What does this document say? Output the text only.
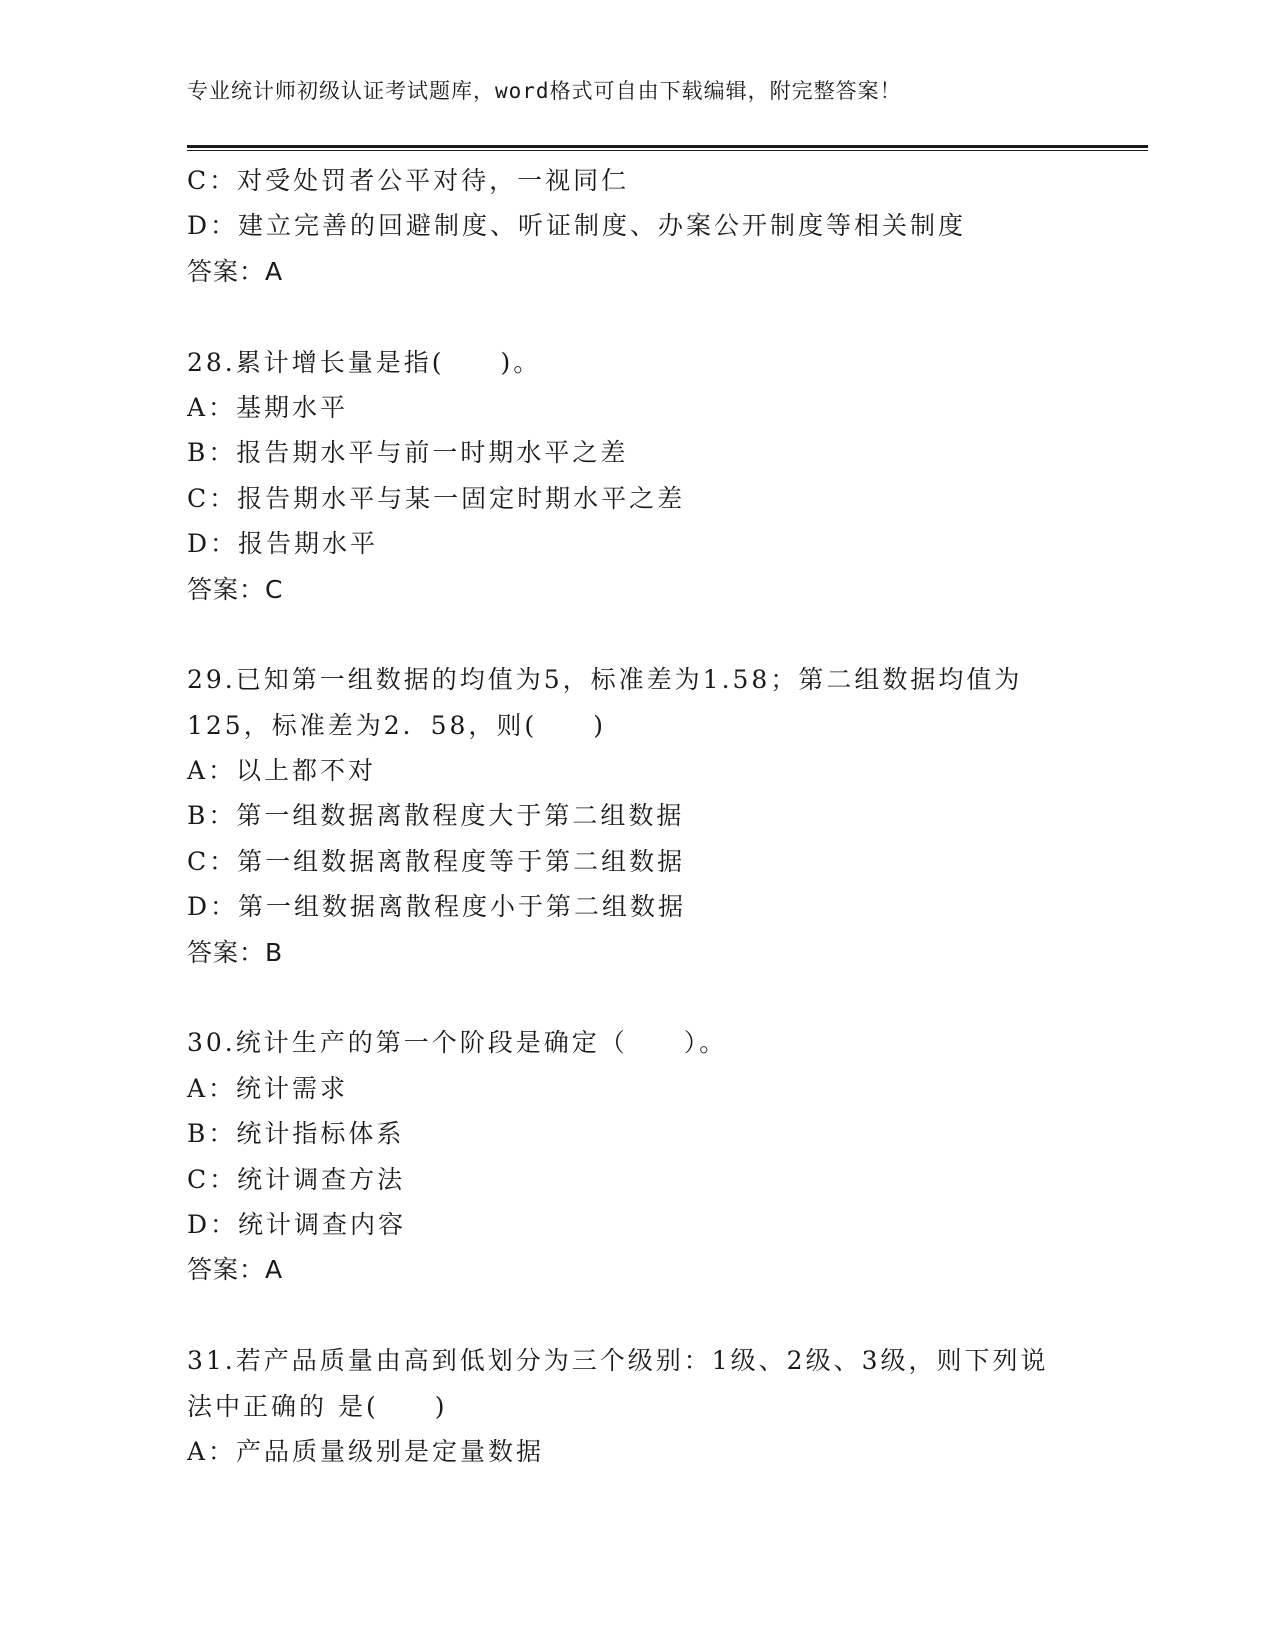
专业统计师初级认证考试题库，word格式可自由下载编辑，附完整答案！
C：对受处罚者公平对待，一视同仁
D：建立完善的回避制度、听证制度、办案公开制度等相关制度
答案：A
28.累计增长量是指(　　)。
A：基期水平
B：报告期水平与前一时期水平之差
C：报告期水平与某一固定时期水平之差
D：报告期水平
答案：C
29.已知第一组数据的均值为5，标准差为1.58；第二组数据均值为
125，标准差为2．58，则(　　)
A：以上都不对
B：第一组数据离散程度大于第二组数据
C：第一组数据离散程度等于第二组数据
D：第一组数据离散程度小于第二组数据
答案：B
30.统计生产的第一个阶段是确定（　　）。
A：统计需求
B：统计指标体系
C：统计调查方法
D：统计调查内容
答案：A
31.若产品质量由高到低划分为三个级别：1级、2级、3级，则下列说
法中正确的 是(　　)
A：产品质量级别是定量数据
